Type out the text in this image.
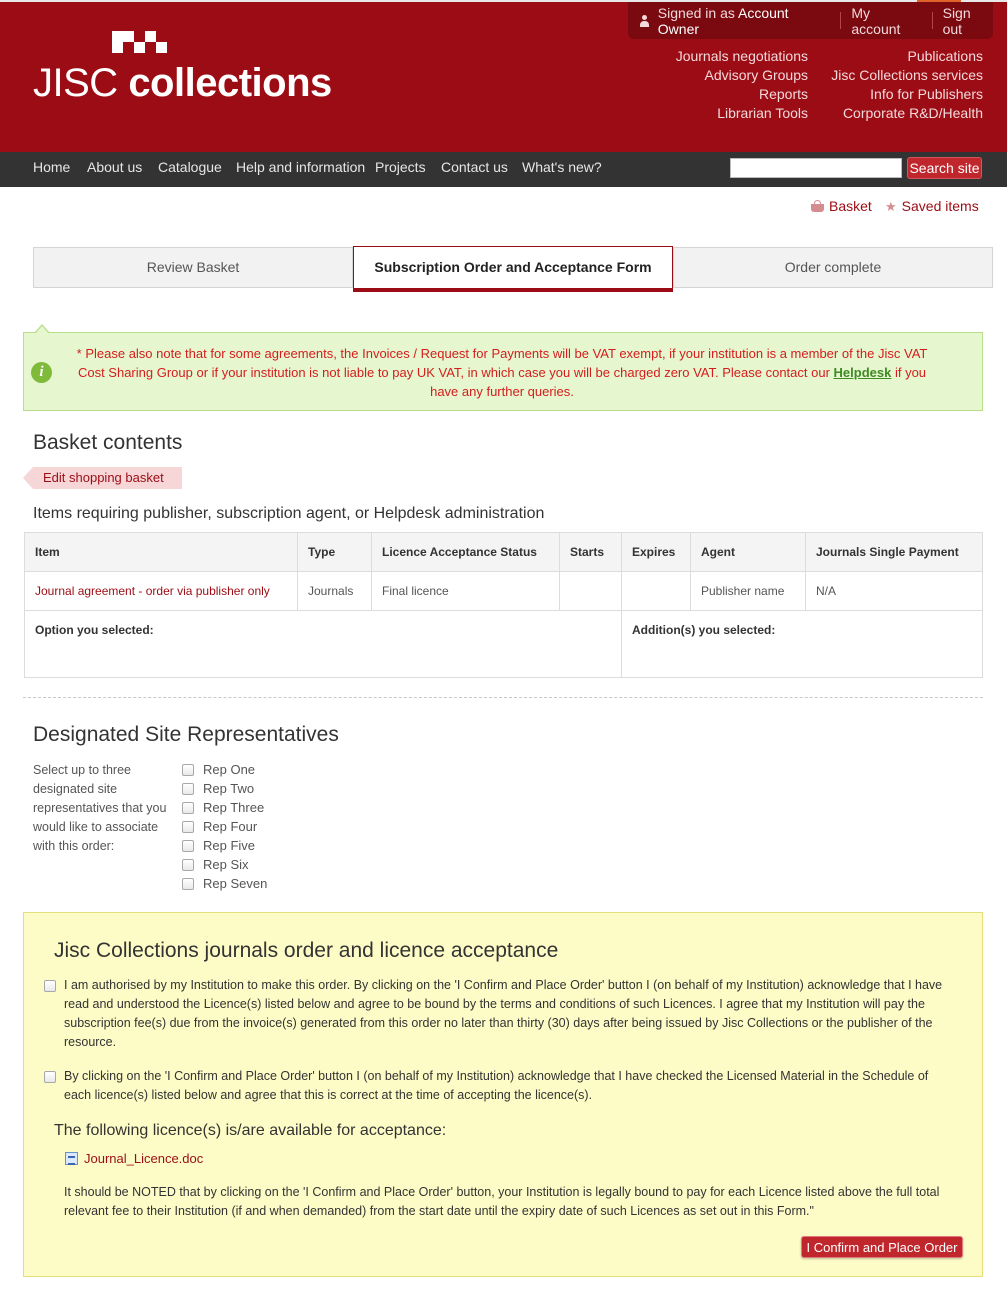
JISC collections
Signed in as Account Owner
My account
Sign out
Journals negotiations
Advisory Groups
Reports
Librarian Tools
Publications
Jisc Collections services
Info for Publishers
Corporate R&D/Health
Home About us Catalogue Help and information Projects Contact us What's new?	Search site
Basket ★ Saved items
Review Basket	Subscription Order and Acceptance Form	Order complete
i
* Please also note that for some agreements, the Invoices / Request for Payments will be VAT exempt, if your institution is a member of the Jisc VAT Cost Sharing Group or if your institution is not liable to pay UK VAT, in which case you will be charged zero VAT. Please contact our Helpdesk if you have any further queries.
Basket contents
Edit shopping basket
Items requiring publisher, subscription agent, or Helpdesk administration
Item	Type	Licence Acceptance Status	Starts	Expires	Agent	Journals Single Payment
Journal agreement - order via publisher only	Journals	Final licence			Publisher name	N/A
Option you selected:				Addition(s) you selected:		
Designated Site Representatives
Select up to three designated site representatives that you would like to associate with this order:
Rep One
Rep Two
Rep Three
Rep Four
Rep Five
Rep Six
Rep Seven
Jisc Collections journals order and licence acceptance
I am authorised by my Institution to make this order. By clicking on the 'I Confirm and Place Order' button I (on behalf of my Institution) acknowledge that I have read and understood the Licence(s) listed below and agree to be bound by the terms and conditions of such Licences. I agree that my Institution will pay the subscription fee(s) due from the invoice(s) generated from this order no later than thirty (30) days after being issued by Jisc Collections or the publisher of the resource.
By clicking on the 'I Confirm and Place Order' button I (on behalf of my Institution) acknowledge that I have checked the Licensed Material in the Schedule of each licence(s) listed below and agree that this is correct at the time of accepting the licence(s).
The following licence(s) is/are available for acceptance:
Journal_Licence.doc
It should be NOTED that by clicking on the 'I Confirm and Place Order' button, your Institution is legally bound to pay for each Licence listed above the full total relevant fee to their Institution (if and when demanded) from the start date until the expiry date of such Licences as set out in this Form."
I Confirm and Place Order
